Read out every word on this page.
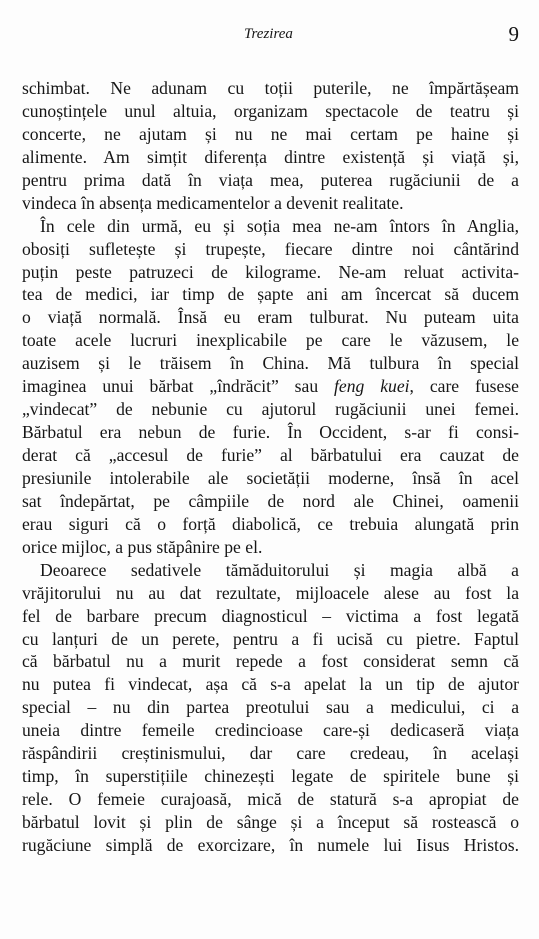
Trezirea	9
schimbat. Ne adunam cu toții puterile, ne împărtășeam
cunoștințele unul altuia, organizam spectacole de teatru și
concerte, ne ajutam și nu ne mai certam pe haine și
alimente. Am simțit diferența dintre existență și viață și,
pentru prima dată în viața mea, puterea rugăciunii de a
vindeca în absența medicamentelor a devenit realitate.
În cele din urmă, eu și soția mea ne-am întors în Anglia,
obosiți sufletește și trupește, fiecare dintre noi cântărind
puțin peste patruzeci de kilograme. Ne-am reluat activita-
tea de medici, iar timp de șapte ani am încercat să ducem
o viață normală. Însă eu eram tulburat. Nu puteam uita
toate acele lucruri inexplicabile pe care le văzusem, le
auzisem și le trăisem în China. Mă tulbura în special
imaginea unui bărbat „îndrăcit” sau feng kuei, care fusese
„vindecat” de nebunie cu ajutorul rugăciunii unei femei.
Bărbatul era nebun de furie. În Occident, s-ar fi consi-
derat că „accesul de furie” al bărbatului era cauzat de
presiunile intolerabile ale societății moderne, însă în acel
sat îndepărtat, pe câmpiile de nord ale Chinei, oamenii
erau siguri că o forță diabolică, ce trebuia alungată prin
orice mijloc, a pus stăpânire pe el.
Deoarece sedativele tămăduitorului și magia albă a
vrăjitorului nu au dat rezultate, mijloacele alese au fost la
fel de barbare precum diagnosticul – victima a fost legată
cu lanțuri de un perete, pentru a fi ucisă cu pietre. Faptul
că bărbatul nu a murit repede a fost considerat semn că
nu putea fi vindecat, așa că s-a apelat la un tip de ajutor
special – nu din partea preotului sau a medicului, ci a
uneia dintre femeile credincioase care-și dedicaseră viața
răspândirii creștinismului, dar care credeau, în același
timp, în superstițiile chinezești legate de spiritele bune și
rele. O femeie curajoasă, mică de statură s-a apropiat de
bărbatul lovit și plin de sânge și a început să rostească o
rugăciune simplă de exorcizare, în numele lui Iisus Hristos.
